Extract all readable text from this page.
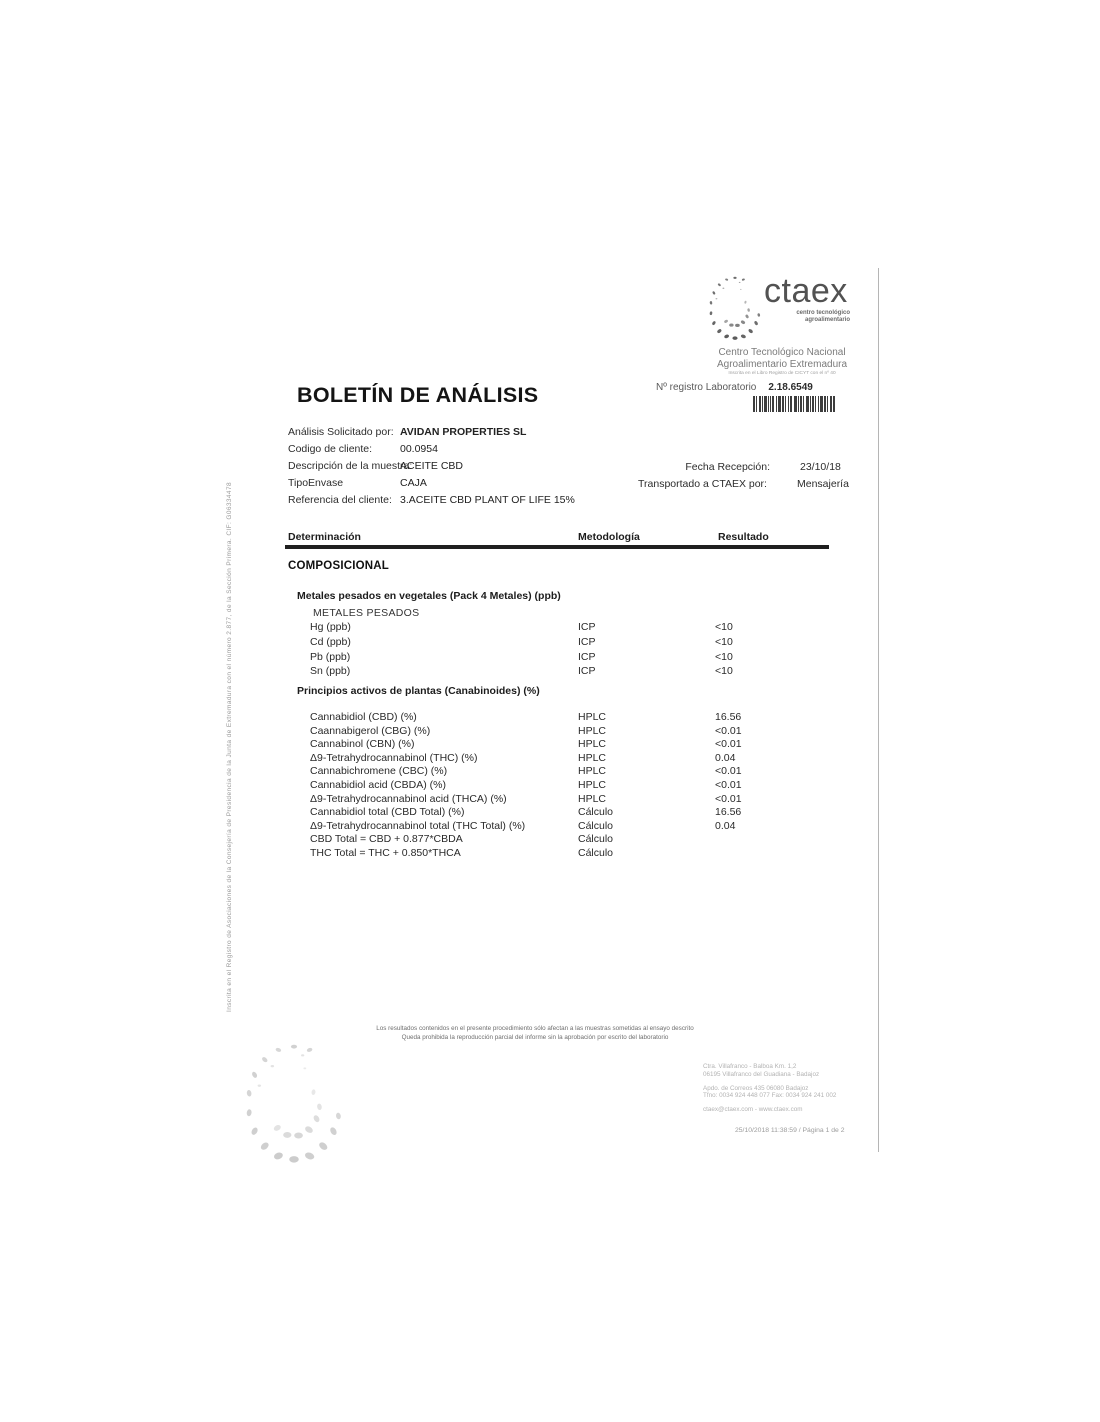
ctaex
centro tecnológico
agroalimentario
Centro Tecnológico Nacional
Agroalimentario Extremadura
Inscrita en el Libro Registro de CICYT con el nº 40
Nº registro Laboratorio 2.18.6549
BOLETÍN DE ANÁLISIS
Análisis Solicitado por: AVIDAN PROPERTIES SL
Codigo de cliente:	00.0954
Descripción de la muestra:
ACEITE CBD
TipoEnvase	CAJA
Referencia del cliente: 3.ACEITE CBD PLANT OF LIFE 15%
Fecha Recepción:	23/10/18
Transportado a CTAEX por:	Mensajería
Determinación	Metodología	Resultado
COMPOSICIONAL
Metales pesados en vegetales (Pack 4 Metales) (ppb)
METALES PESADOS
Hg (ppb)	ICP	<10
Cd (ppb)	ICP	<10
Pb (ppb)	ICP	<10
Sn (ppb)	ICP	<10
Principios activos de plantas (Canabinoides) (%)
Cannabidiol (CBD) (%)	HPLC	16.56
Caannabigerol (CBG) (%)	HPLC	<0.01
Cannabinol (CBN) (%)	HPLC	<0.01
Δ9-Tetrahydrocannabinol (THC) (%)	HPLC	0.04
Cannabichromene (CBC) (%)	HPLC	<0.01
Cannabidiol acid (CBDA) (%)	HPLC	<0.01
Δ9-Tetrahydrocannabinol acid (THCA) (%)	HPLC	<0.01
Cannabidiol total (CBD Total) (%)	Cálculo	16.56
Δ9-Tetrahydrocannabinol total (THC Total) (%)	Cálculo	0.04
CBD Total = CBD + 0.877*CBDA	Cálculo
THC Total = THC + 0.850*THCA	Cálculo
Los resultados contenidos en el presente procedimiento sólo afectan a las muestras sometidas al ensayo descrito
Queda prohibida la reproducción parcial del informe sin la aprobación por escrito del laboratorio
Ctra. Villafranco - Balboa Km. 1,2
06195 Villafranco del Guadiana - Badajoz
Apdo. de Correos 435 06080 Badajoz
Tfno: 0034 924 448 077 Fax: 0034 924 241 002
ctaex@ctaex.com - www.ctaex.com
25/10/2018 11:38:59 / Página 1 de 2
Inscrita en el Registro de Asociaciones de la Consejería de Presidencia de la Junta de Extremadura con el número 2.877, de la Sección Primera. CIF: G06334478
